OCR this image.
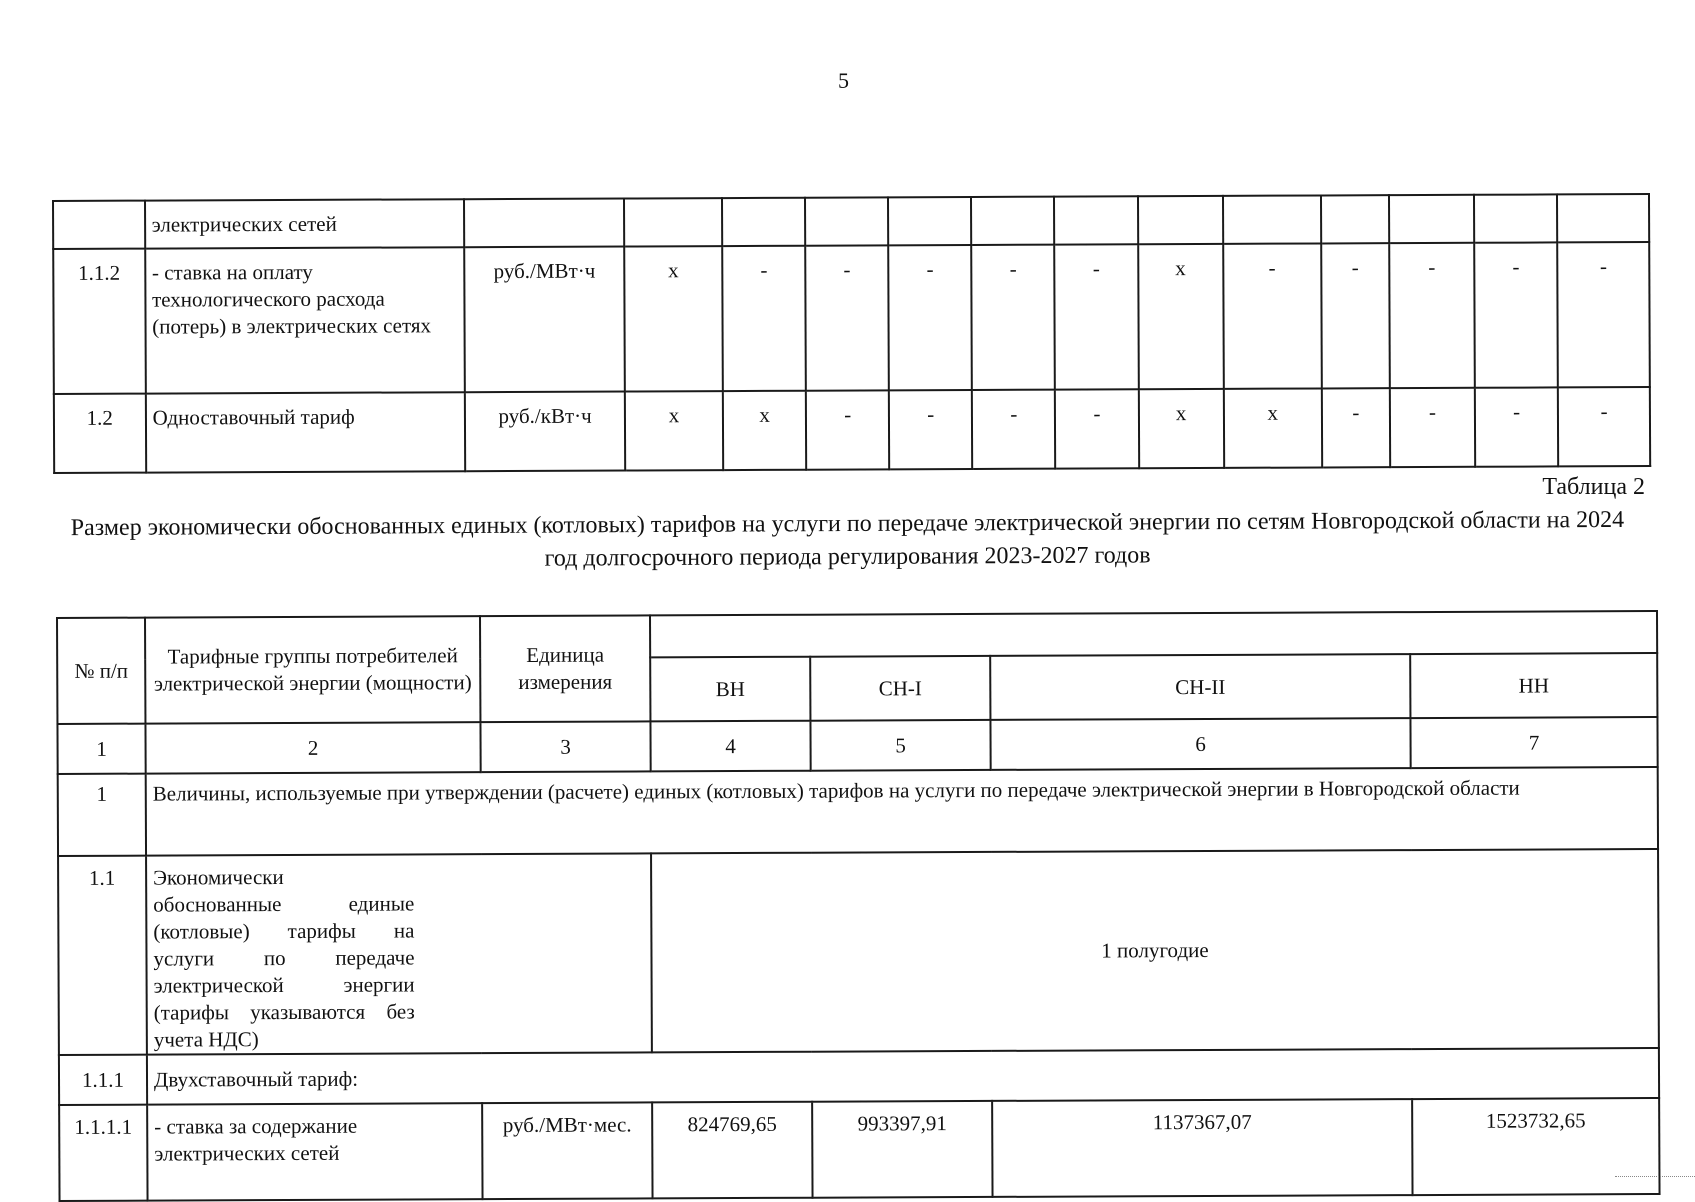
5
	электрических сетей													
1.1.2	- ставка на оплату технологического расхода (потерь) в электрических сетях	руб./МВт·ч	x	-	-	-	-	-	x	-	-	-	-	-
1.2	Одноставочный тариф	руб./кВт·ч	x	x	-	-	-	-	x	x	-	-	-	-
Таблица 2
Размер экономически обоснованных единых (котловых) тарифов на услуги по передаче электрической энергии по сетям Новгородской области на 2024 год долгосрочного периода регулирования 2023-2027 годов
№ п/п	Тарифные группы потребителей электрической энергии (мощности)	Единица измерения				
			ВН	СН-I	СН-II	НН
1	2	3	4	5	6	7
1	Величины, используемые при утверждении (расчете) единых (котловых) тарифов на услуги по передаче электрической энергии в Новгородской области					
1.1	Экономически обоснованные единые (котловые) тарифы на услуги по передаче электрической энергии (тарифы указываются без учета НДС)		1 полугодие			
1.1.1	Двухставочный тариф:					
1.1.1.1	- ставка за содержание электрических сетей	руб./МВт·мес.	824769,65	993397,91	1137367,07	1523732,65
